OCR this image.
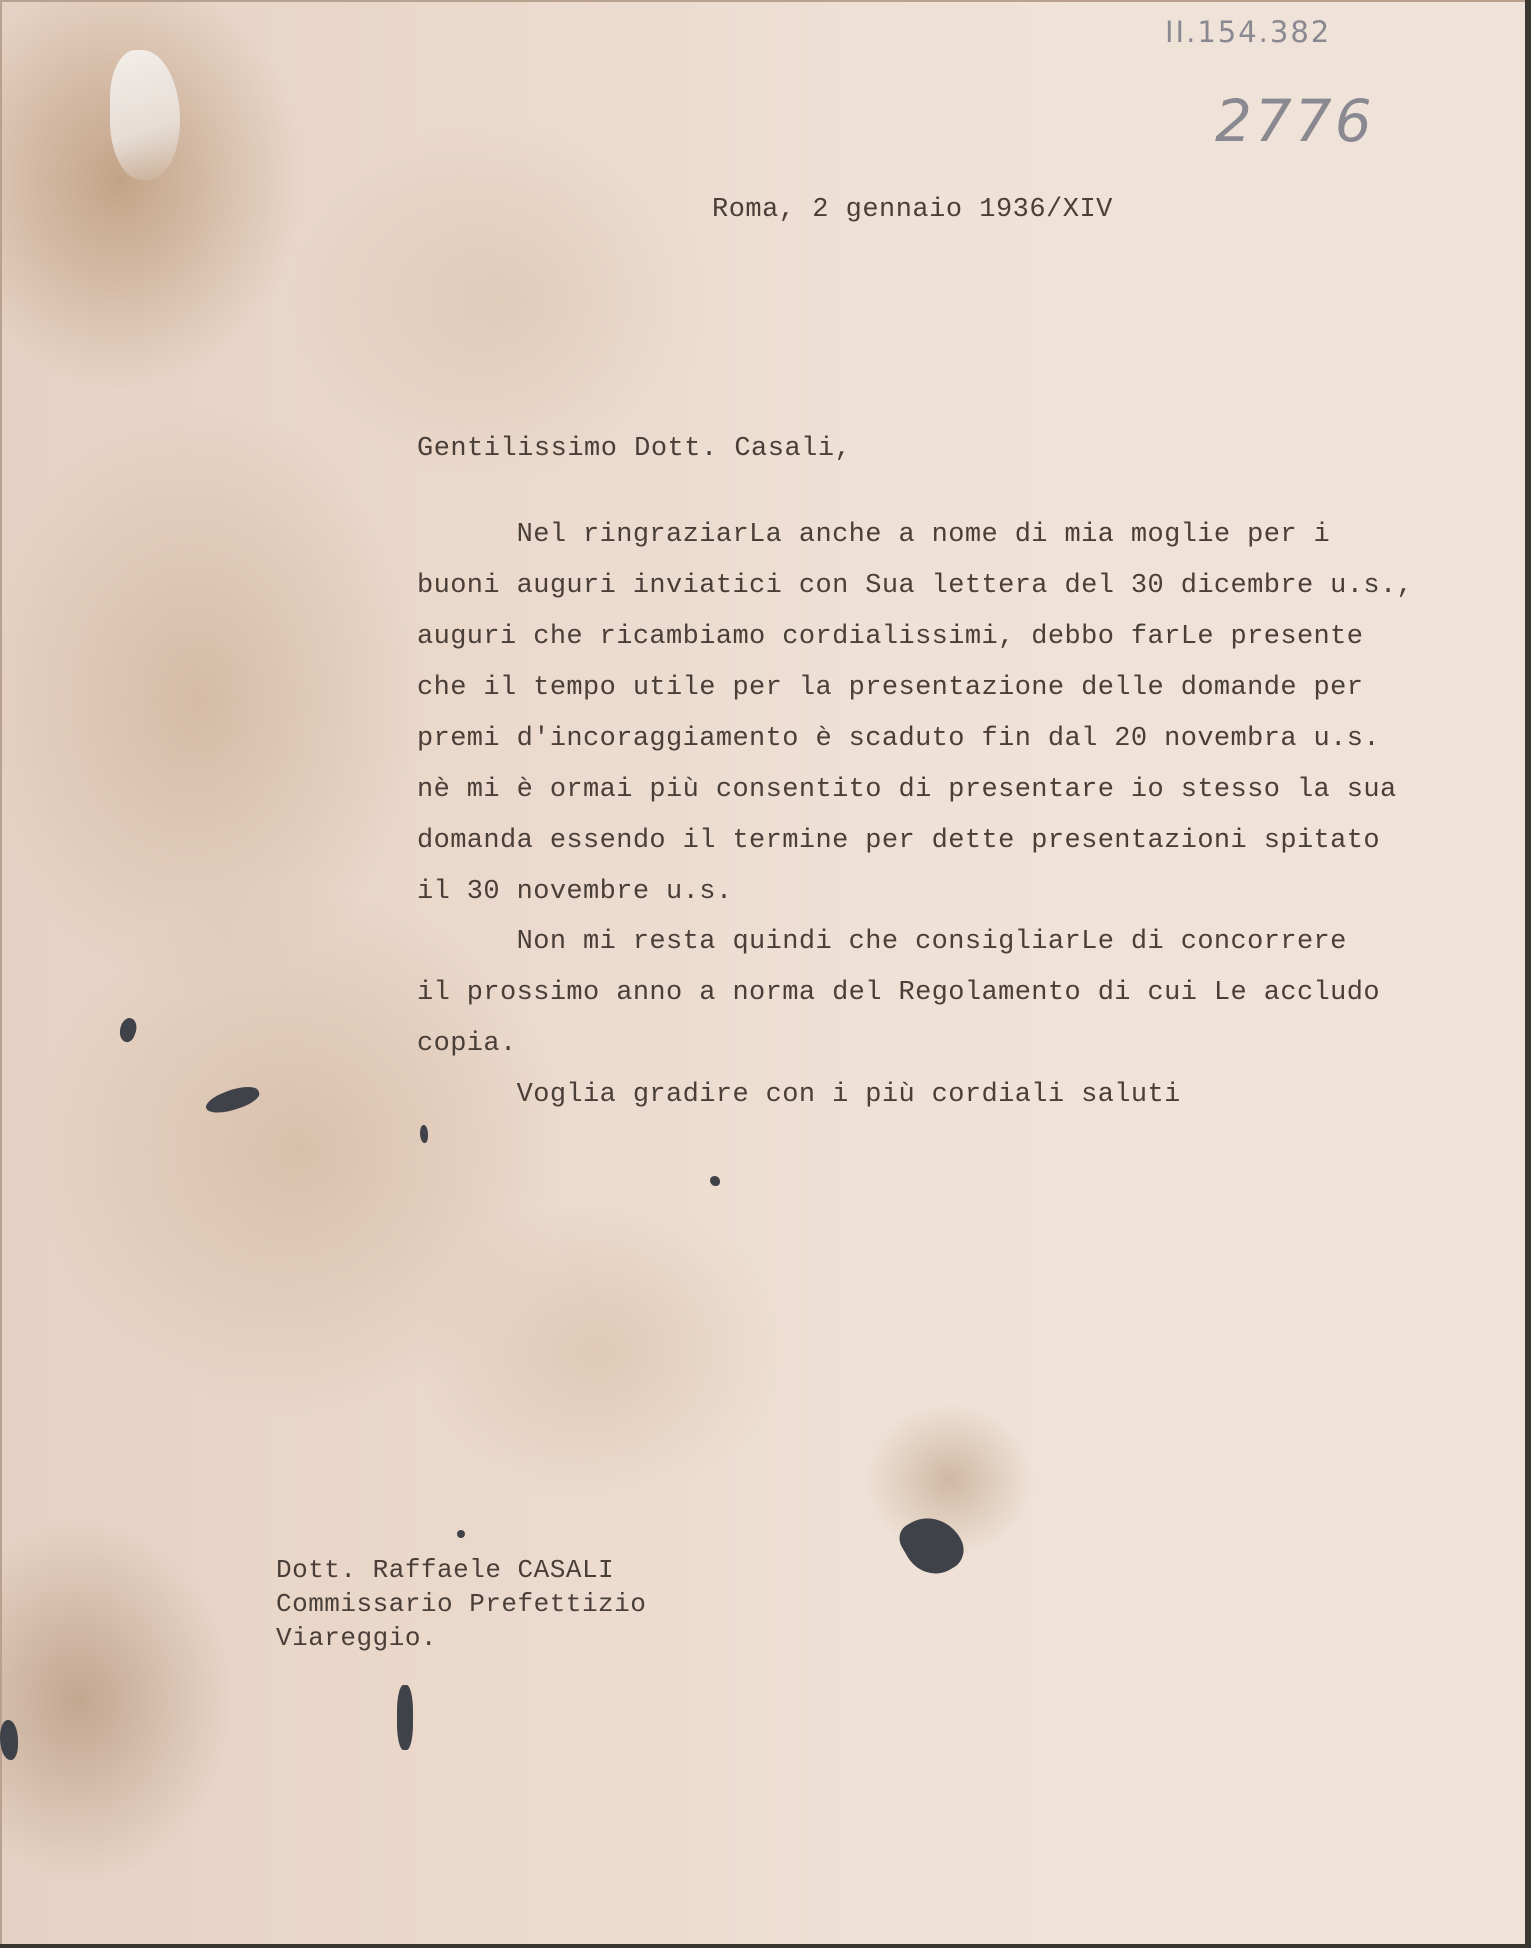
II.154.382
2776
Roma, 2 gennaio 1936/XIV
Gentilissimo Dott. Casali,
Nel ringraziarLa anche a nome di mia moglie per i
buoni auguri inviatici con Sua lettera del 30 dicembre u.s.,
auguri che ricambiamo cordialissimi, debbo farLe presente
che il tempo utile per la presentazione delle domande per
premi d'incoraggiamento è scaduto fin dal 20 novembra u.s.
nè mi è ormai più consentito di presentare io stesso la sua
domanda essendo il termine per dette presentazioni spitato
il 30 novembre u.s.
Non mi resta quindi che consigliarLe di concorrere
il prossimo anno a norma del Regolamento di cui Le accludo
copia.
Voglia gradire con i più cordiali saluti
Dott. Raffaele CASALI
Commissario Prefettizio
Viareggio.
